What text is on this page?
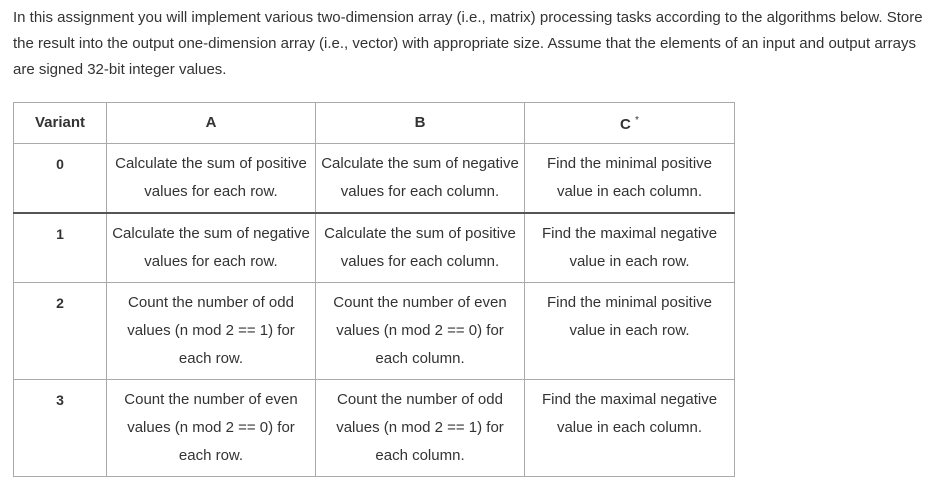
In this assignment you will implement various two-dimension array (i.e., matrix) processing tasks according to the algorithms below. Store the result into the output one-dimension array (i.e., vector) with appropriate size. Assume that the elements of an input and output arrays are signed 32-bit integer values.

Variant	A	B	C *
0	Calculate the sum of positive values for each row.	Calculate the sum of negative values for each column.	Find the minimal positive value in each column.
1	Calculate the sum of negative values for each row.	Calculate the sum of positive values for each column.	Find the maximal negative value in each row.
2	Count the number of odd values (n mod 2 == 1) for each row.	Count the number of even values (n mod 2 == 0) for each column.	Find the minimal positive value in each row.
3	Count the number of even values (n mod 2 == 0) for each row.	Count the number of odd values (n mod 2 == 1) for each column.	Find the maximal negative value in each column.
